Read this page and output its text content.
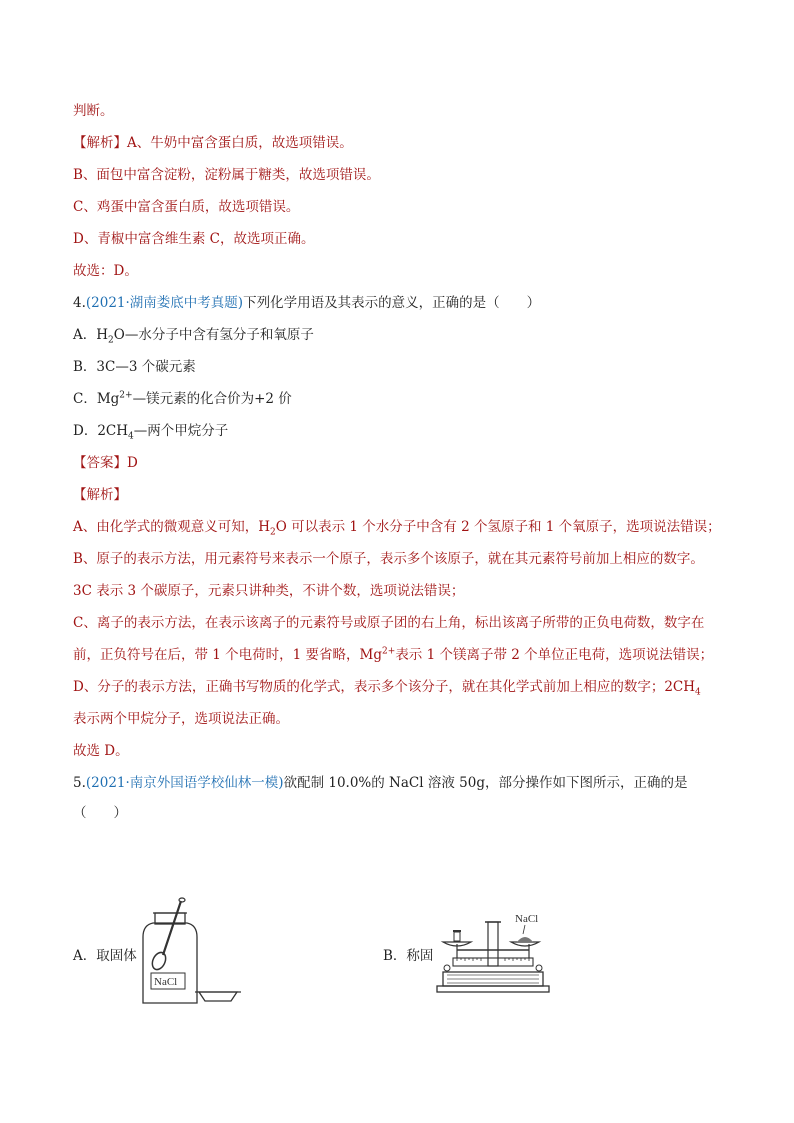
判断。
【解析】A、牛奶中富含蛋白质，故选项错误。
B、面包中富含淀粉，淀粉属于糖类，故选项错误。
C、鸡蛋中富含蛋白质，故选项错误。
D、青椒中富含维生素 C，故选项正确。
故选：D。
4.(2021·湖南娄底中考真题)下列化学用语及其表示的意义，正确的是（　　）
A．$H_2O—$水分子中含有氢分子和氧原子
B．3C—3 个碳元素
C．$Mg^{2+}—$镁元素的化合价为+2 价
D．$2CH_4—$两个甲烷分子
【答案】D
【解析】
A、由化学式的微观意义可知，$H_2O$ 可以表示 1 个水分子中含有 2 个氢原子和 1 个氧原子，选项说法错误；
B、原子的表示方法，用元素符号来表示一个原子，表示多个该原子，就在其元素符号前加上相应的数字。
3C 表示 3 个碳原子，元素只讲种类，不讲个数，选项说法错误；
C、离子的表示方法，在表示该离子的元素符号或原子团的右上角，标出该离子所带的正负电荷数，数字在
前，正负符号在后，带 1 个电荷时，1 要省略，$Mg^{2+}$表示 1 个镁离子带 2 个单位正电荷，选项说法错误；
D、分子的表示方法，正确书写物质的化学式，表示多个该分子，就在其化学式前加上相应的数字；$2CH_4$
表示两个甲烷分子，选项说法正确。
故选 D。
5.(2021·南京外国语学校仙林一模)欲配制 10.0%的 NaCl 溶液 50g，部分操作如下图所示，正确的是
（　　）
A．取固体
NaCl
B．称固
NaCl
